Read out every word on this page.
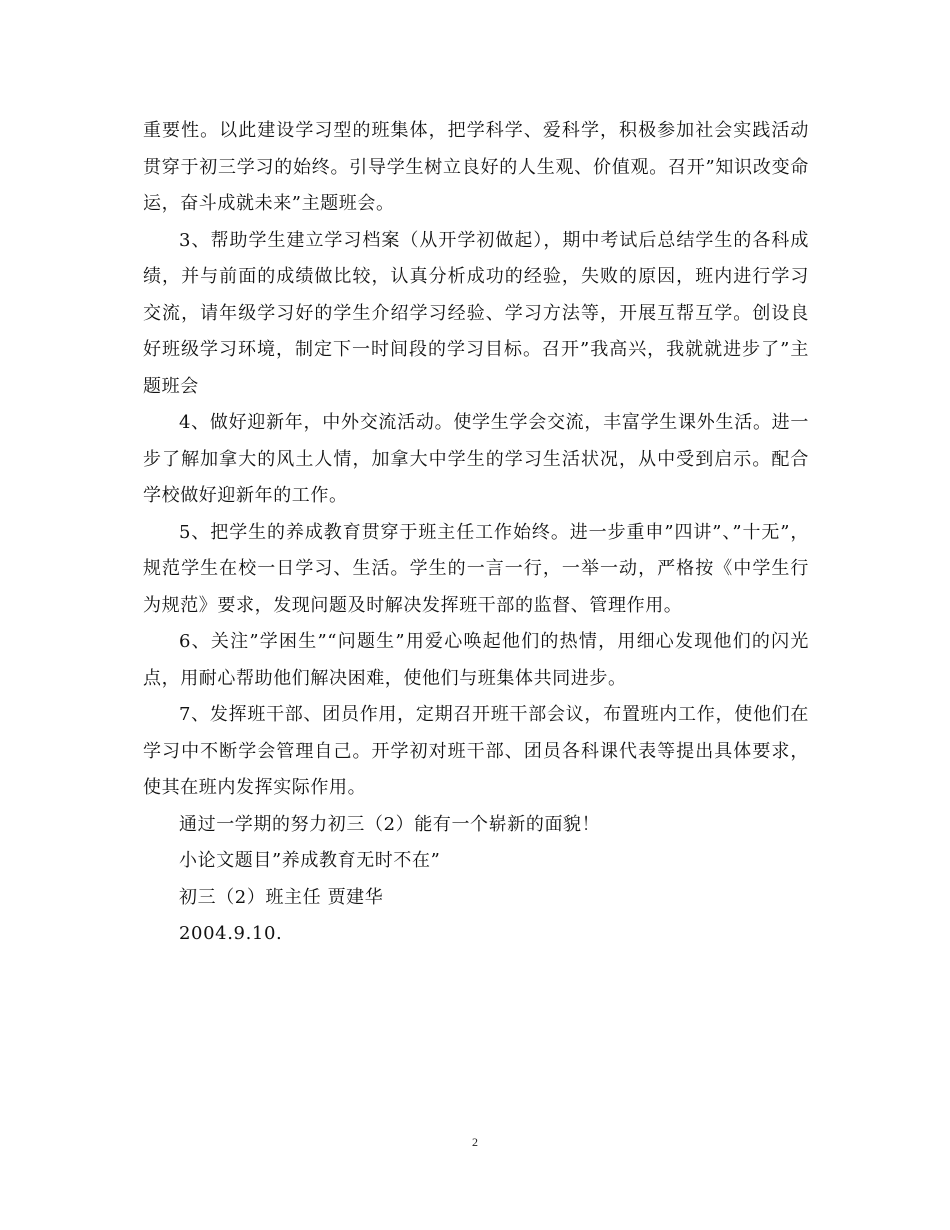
重要性。以此建设学习型的班集体，把学科学、爱科学，积极参加社会实践活动贯穿于初三学习的始终。引导学生树立良好的人生观、价值观。召开”知识改变命运，奋斗成就未来”主题班会。

3、帮助学生建立学习档案（从开学初做起），期中考试后总结学生的各科成绩，并与前面的成绩做比较，认真分析成功的经验，失败的原因，班内进行学习交流，请年级学习好的学生介绍学习经验、学习方法等，开展互帮互学。创设良好班级学习环境，制定下一时间段的学习目标。召开”我高兴，我就就进步了”主题班会

4、做好迎新年，中外交流活动。使学生学会交流，丰富学生课外生活。进一步了解加拿大的风土人情，加拿大中学生的学习生活状况，从中受到启示。配合学校做好迎新年的工作。

5、把学生的养成教育贯穿于班主任工作始终。进一步重申”四讲”、”十无”，规范学生在校一日学习、生活。学生的一言一行，一举一动，严格按《中学生行为规范》要求，发现问题及时解决发挥班干部的监督、管理作用。

6、关注”学困生”“问题生”用爱心唤起他们的热情，用细心发现他们的闪光点，用耐心帮助他们解决困难，使他们与班集体共同进步。

7、发挥班干部、团员作用，定期召开班干部会议，布置班内工作，使他们在学习中不断学会管理自己。开学初对班干部、团员各科课代表等提出具体要求，使其在班内发挥实际作用。

通过一学期的努力初三（2）能有一个崭新的面貌！

小论文题目”养成教育无时不在”

初三（2）班主任 贾建华

2004.9.10.

2
